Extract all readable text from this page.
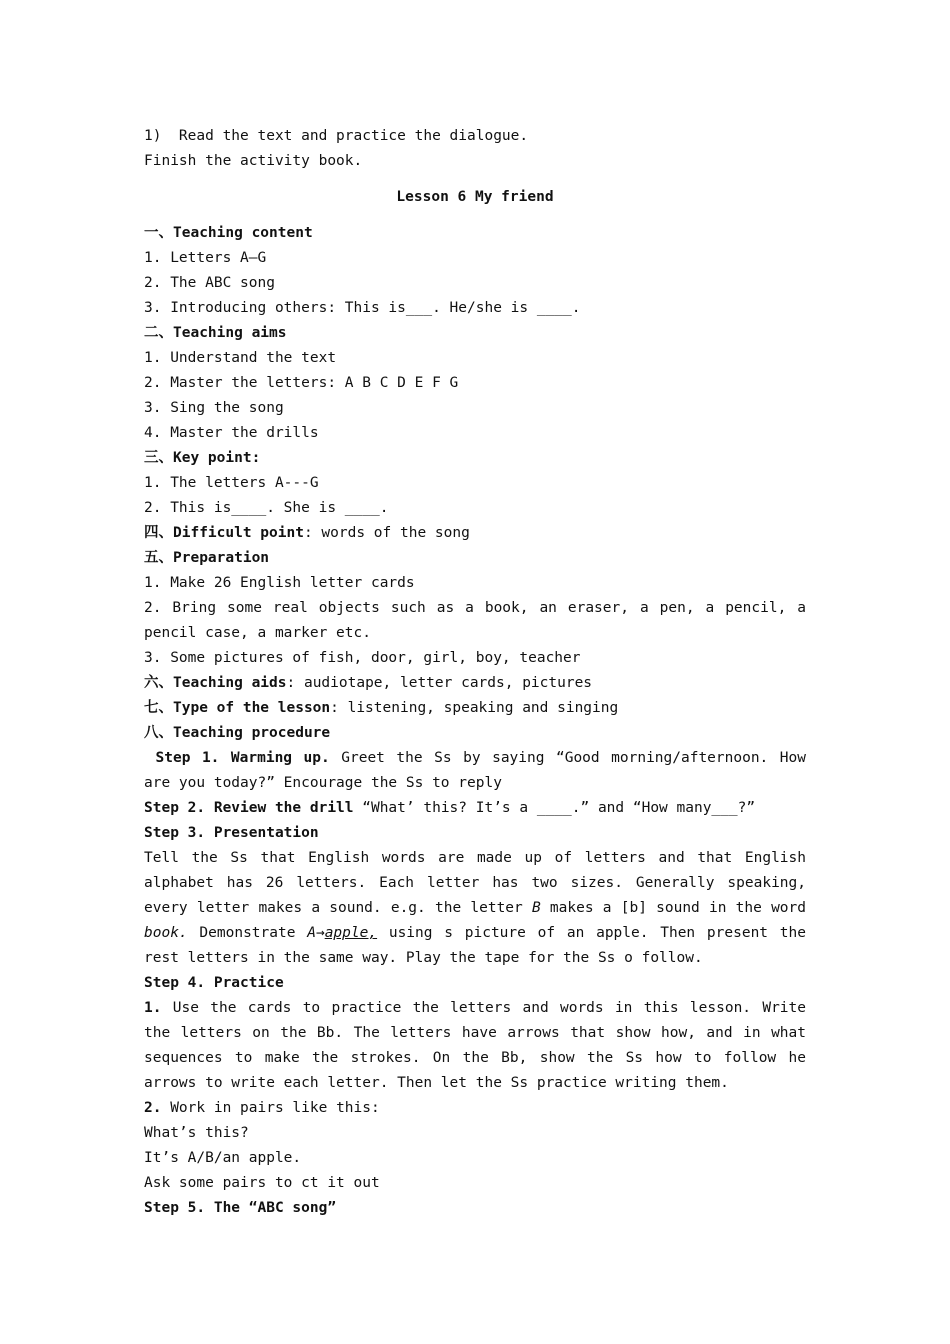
1)  Read the text and practice the dialogue.
Finish the activity book.
Lesson 6 My friend
一、Teaching content
1. Letters A—G
2. The ABC song
3. Introducing others: This is___. He/she is ____.
二、Teaching aims
1. Understand the text
2. Master the letters: A B C D E F G
3. Sing the song
4. Master the drills
三、Key point:
1. The letters A---G
2. This is____. She is ____.
四、Difficult point: words of the song
五、Preparation
1. Make 26 English letter cards
2. Bring some real objects such as a book, an eraser, a pen, a pencil, a pencil case, a marker etc.
3. Some pictures of fish, door, girl, boy, teacher
六、Teaching aids: audiotape, letter cards, pictures
七、Type of the lesson: listening, speaking and singing
八、Teaching procedure
Step 1. Warming up. Greet the Ss by saying “Good morning/afternoon. How are you today?” Encourage the Ss to reply
Step 2. Review the drill “What’ this? It’s a ____.” and “How many___?”
Step 3. Presentation
Tell the Ss that English words are made up of letters and that English alphabet has 26 letters. Each letter has two sizes. Generally speaking, every letter makes a sound. e.g. the letter B makes a [b] sound in the word book. Demonstrate A→apple, using s picture of an apple. Then present the rest letters in the same way. Play the tape for the Ss o follow.
Step 4. Practice
1. Use the cards to practice the letters and words in this lesson. Write the letters on the Bb. The letters have arrows that show how, and in what sequences to make the strokes. On the Bb, show the Ss how to follow he arrows to write each letter. Then let the Ss practice writing them.
2. Work in pairs like this:
What’s this?
It’s A/B/an apple.
Ask some pairs to ct it out
Step 5. The “ABC song”
